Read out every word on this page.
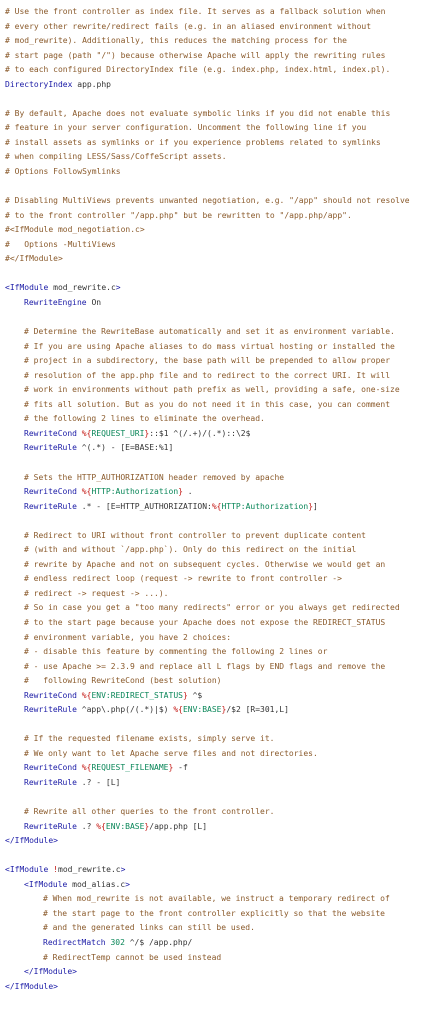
# Use the front controller as index file. It serves as a fallback solution when
# every other rewrite/redirect fails (e.g. in an aliased environment without
# mod_rewrite). Additionally, this reduces the matching process for the
# start page (path "/") because otherwise Apache will apply the rewriting rules
# to each configured DirectoryIndex file (e.g. index.php, index.html, index.pl).
DirectoryIndex app.php

# By default, Apache does not evaluate symbolic links if you did not enable this
# feature in your server configuration. Uncomment the following line if you
# install assets as symlinks or if you experience problems related to symlinks
# when compiling LESS/Sass/CoffeScript assets.
# Options FollowSymlinks

# Disabling MultiViews prevents unwanted negotiation, e.g. "/app" should not resolve
# to the front controller "/app.php" but be rewritten to "/app.php/app".
#<IfModule mod_negotiation.c>
#   Options -MultiViews
#</IfModule>

<IfModule mod_rewrite.c>
RewriteEngine On

# Determine the RewriteBase automatically and set it as environment variable.
# If you are using Apache aliases to do mass virtual hosting or installed the
# project in a subdirectory, the base path will be prepended to allow proper
# resolution of the app.php file and to redirect to the correct URI. It will
# work in environments without path prefix as well, providing a safe, one-size
# fits all solution. But as you do not need it in this case, you can comment
# the following 2 lines to eliminate the overhead.
RewriteCond %{REQUEST_URI}::$1 ^(/.+)/(.*)::\2$
RewriteRule ^(.*) - [E=BASE:%1]

# Sets the HTTP_AUTHORIZATION header removed by apache
RewriteCond %{HTTP:Authorization} .
RewriteRule .* - [E=HTTP_AUTHORIZATION:%{HTTP:Authorization}]

# Redirect to URI without front controller to prevent duplicate content
# (with and without `/app.php`). Only do this redirect on the initial
# rewrite by Apache and not on subsequent cycles. Otherwise we would get an
# endless redirect loop (request -> rewrite to front controller ->
# redirect -> request -> ...).
# So in case you get a "too many redirects" error or you always get redirected
# to the start page because your Apache does not expose the REDIRECT_STATUS
# environment variable, you have 2 choices:
# - disable this feature by commenting the following 2 lines or
# - use Apache >= 2.3.9 and replace all L flags by END flags and remove the
#   following RewriteCond (best solution)
RewriteCond %{ENV:REDIRECT_STATUS} ^$
RewriteRule ^app\.php(/(.*)|$) %{ENV:BASE}/$2 [R=301,L]

# If the requested filename exists, simply serve it.
# We only want to let Apache serve files and not directories.
RewriteCond %{REQUEST_FILENAME} -f
RewriteRule .? - [L]

# Rewrite all other queries to the front controller.
RewriteRule .? %{ENV:BASE}/app.php [L]
</IfModule>

<IfModule !mod_rewrite.c>
<IfModule mod_alias.c>
# When mod_rewrite is not available, we instruct a temporary redirect of
# the start page to the front controller explicitly so that the website
# and the generated links can still be used.
RedirectMatch 302 ^/$ /app.php/
# RedirectTemp cannot be used instead
</IfModule>
</IfModule>
